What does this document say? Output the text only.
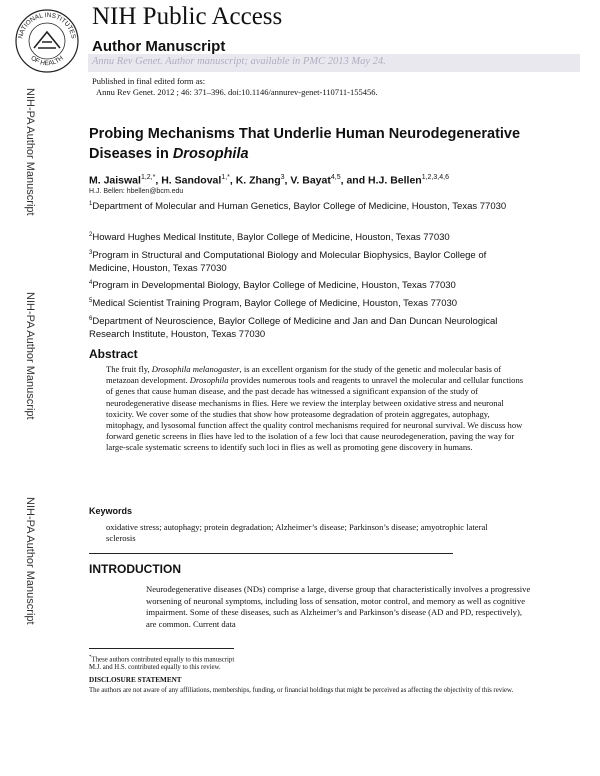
NATIONAL INSTITUTES
OF HEALTH
NIH Public Access
Author Manuscript
Annu Rev Genet. Author manuscript; available in PMC 2013 May 24.
Published in final edited form as:
Annu Rev Genet. 2012 ; 46: 371–396. doi:10.1146/annurev-genet-110711-155456.
NIH-PA Author Manuscript
NIH-PA Author Manuscript
NIH-PA Author Manuscript
Probing Mechanisms That Underlie Human Neurodegenerative
Diseases in Drosophila
M. Jaiswal$^{1,2,*}$, H. Sandoval$^{1,*}$, K. Zhang$^3$, V. Bayat$^{4,5}$, and H.J. Bellen$^{1,2,3,4,6}$
H.J. Bellen: hbellen@bcm.edu
$^1$Department of Molecular and Human Genetics, Baylor College of Medicine, Houston, Texas 77030
$^2$Howard Hughes Medical Institute, Baylor College of Medicine, Houston, Texas 77030
$^3$Program in Structural and Computational Biology and Molecular Biophysics, Baylor College of Medicine, Houston, Texas 77030
$^4$Program in Developmental Biology, Baylor College of Medicine, Houston, Texas 77030
$^5$Medical Scientist Training Program, Baylor College of Medicine, Houston, Texas 77030
$^6$Department of Neuroscience, Baylor College of Medicine and Jan and Dan Duncan Neurological Research Institute, Houston, Texas 77030
Abstract
The fruit fly, Drosophila melanogaster, is an excellent organism for the study of the genetic and molecular basis of metazoan development. Drosophila provides numerous tools and reagents to unravel the molecular and cellular functions of genes that cause human disease, and the past decade has witnessed a significant expansion of the study of neurodegenerative disease mechanisms in flies. Here we review the interplay between oxidative stress and neuronal toxicity. We cover some of the studies that show how proteasome degradation of protein aggregates, autophagy, mitophagy, and lysosomal function affect the quality control mechanisms required for neuronal survival. We discuss how forward genetic screens in flies have led to the isolation of a few loci that cause neurodegeneration, paving the way for large-scale systematic screens to identify such loci in flies as well as promoting gene discovery in humans.
Keywords
oxidative stress; autophagy; protein degradation; Alzheimer’s disease; Parkinson’s disease; amyotrophic lateral sclerosis
INTRODUCTION
Neurodegenerative diseases (NDs) comprise a large, diverse group that characteristically involves a progressive worsening of neuronal symptoms, including loss of sensation, motor control, and memory as well as cognitive impairment. Some of these diseases, such as Alzheimer’s and Parkinson’s disease (AD and PD, respectively), are common. Current data
*These authors contributed equally to this manuscript
M.J. and H.S. contributed equally to this review.
DISCLOSURE STATEMENT
The authors are not aware of any affiliations, memberships, funding, or financial holdings that might be perceived as affecting the objectivity of this review.
